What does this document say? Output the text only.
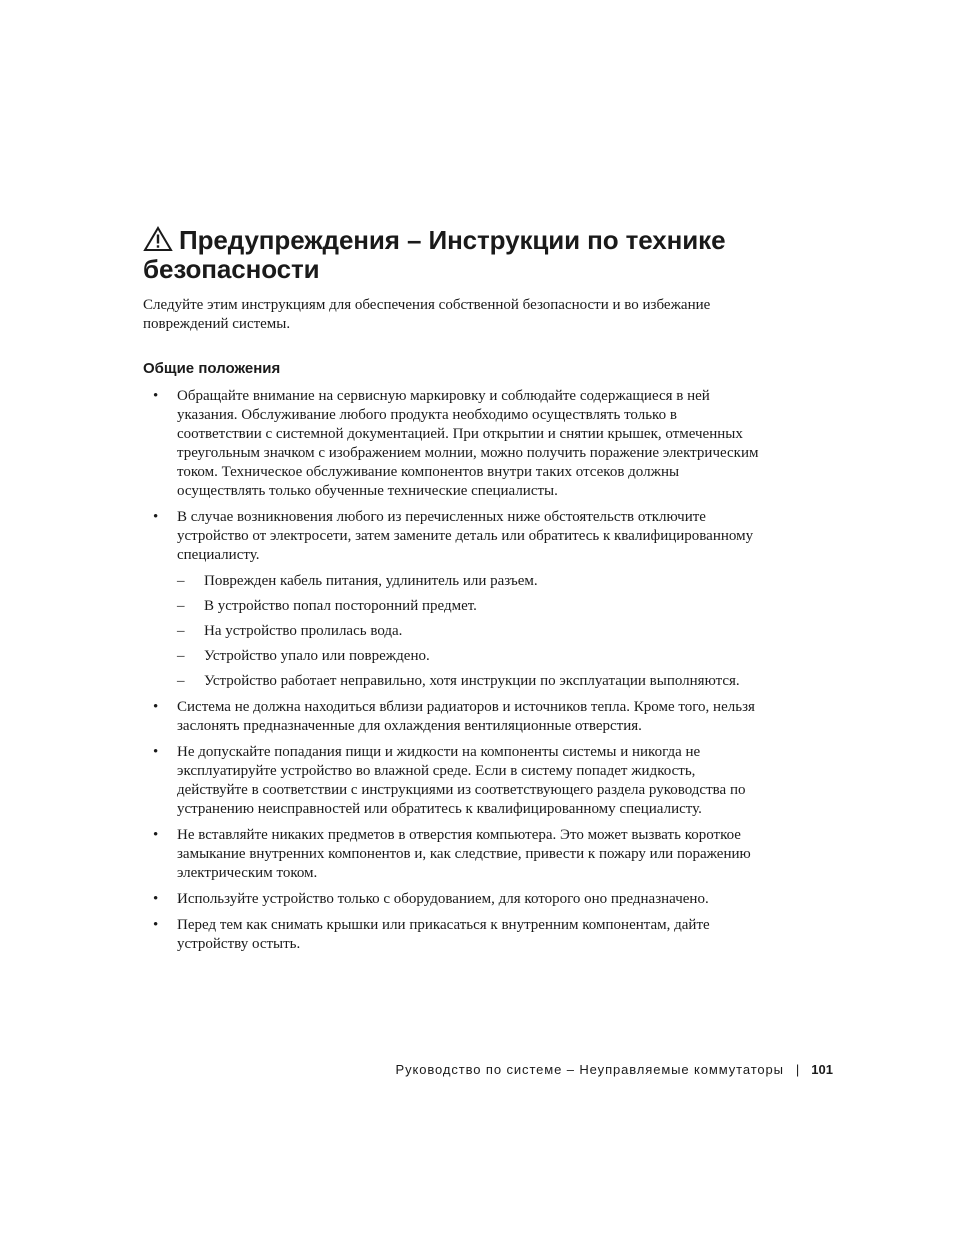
Предупреждения – Инструкции по технике безопасности

Следуйте этим инструкциям для обеспечения собственной безопасности и во избежание повреждений системы.

Общие положения
• Обращайте внимание на сервисную маркировку и соблюдайте содержащиеся в ней указания. Обслуживание любого продукта необходимо осуществлять только в соответствии с системной документацией. При открытии и снятии крышек, отмеченных треугольным значком с изображением молнии, можно получить поражение электрическим током. Техническое обслуживание компонентов внутри таких отсеков должны осуществлять только обученные технические специалисты.
• В случае возникновения любого из перечисленных ниже обстоятельств отключите устройство от электросети, затем замените деталь или обратитесь к квалифицированному специалисту.
– Поврежден кабель питания, удлинитель или разъем.
– В устройство попал посторонний предмет.
– На устройство пролилась вода.
– Устройство упало или повреждено.
– Устройство работает неправильно, хотя инструкции по эксплуатации выполняются.
• Система не должна находиться вблизи радиаторов и источников тепла. Кроме того, нельзя заслонять предназначенные для охлаждения вентиляционные отверстия.
• Не допускайте попадания пищи и жидкости на компоненты системы и никогда не эксплуатируйте устройство во влажной среде. Если в систему попадет жидкость, действуйте в соответствии с инструкциями из соответствующего раздела руководства по устранению неисправностей или обратитесь к квалифицированному специалисту.
• Не вставляйте никаких предметов в отверстия компьютера. Это может вызвать короткое замыкание внутренних компонентов и, как следствие, привести к пожару или поражению электрическим током.
• Используйте устройство только с оборудованием, для которого оно предназначено.
• Перед тем как снимать крышки или прикасаться к внутренним компонентам, дайте устройству остыть.
Руководство по системе – Неуправляемые коммутаторы | 101
